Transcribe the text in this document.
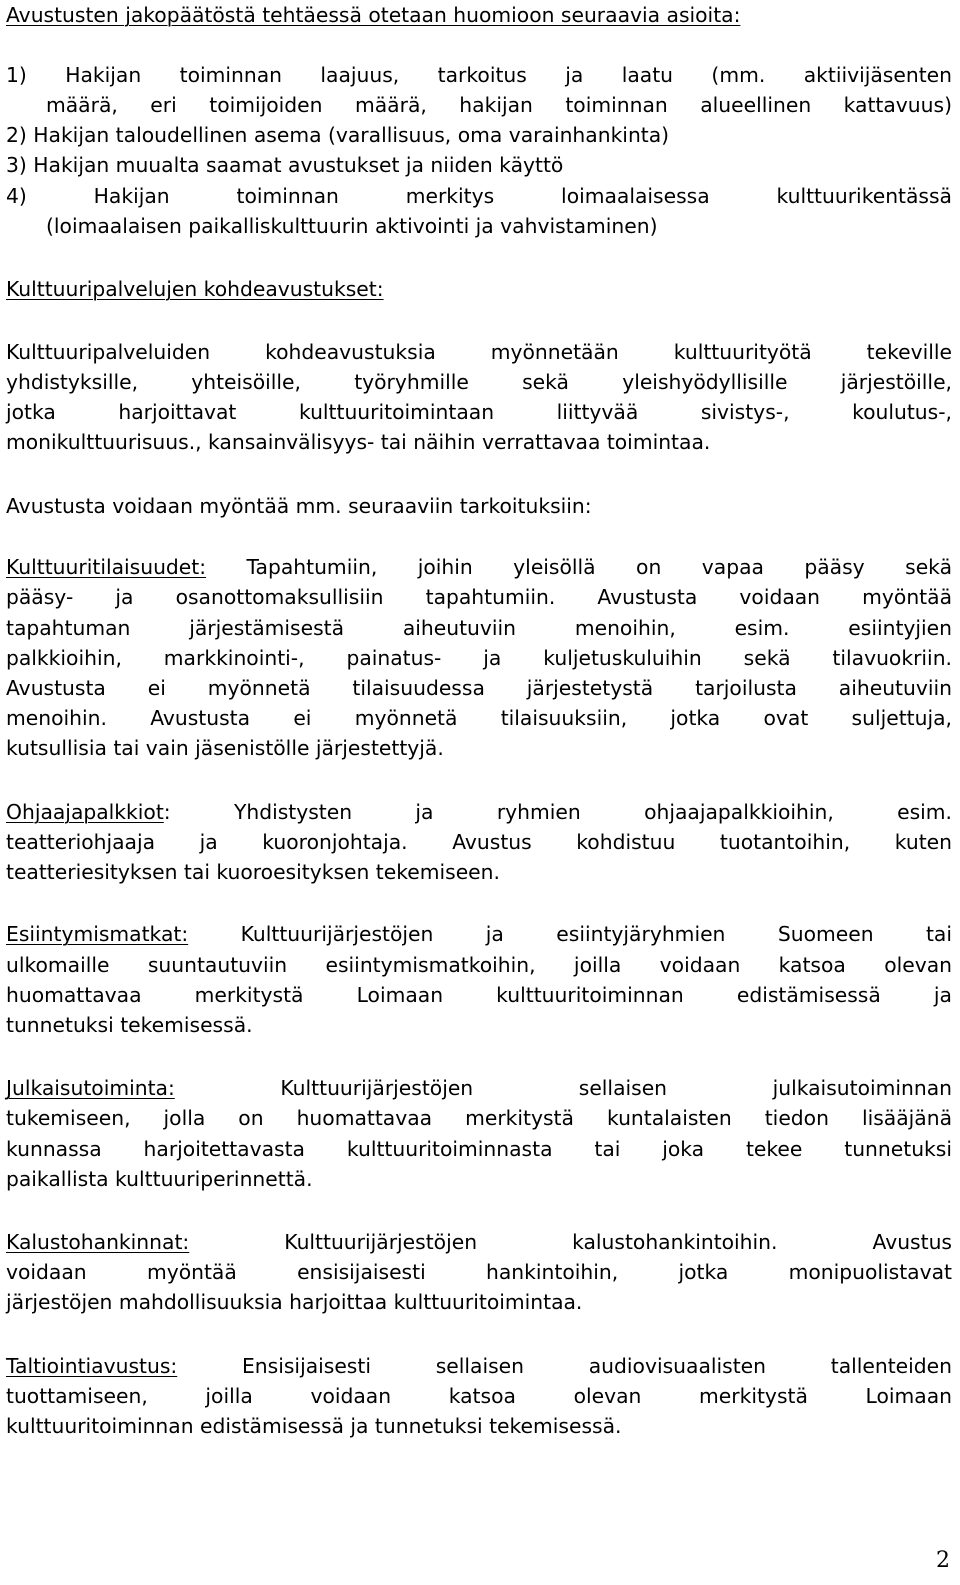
Avustusten jakopäätöstä tehtäessä otetaan huomioon seuraavia asioita:
1) Hakijan toiminnan laajuus, tarkoitus ja laatu (mm. aktiivijäsenten
määrä, eri toimijoiden määrä, hakijan toiminnan alueellinen kattavuus)
2) Hakijan taloudellinen asema (varallisuus, oma varainhankinta)
3) Hakijan muualta saamat avustukset ja niiden käyttö
4) Hakijan toiminnan merkitys loimaalaisessa kulttuurikentässä
(loimaalaisen paikalliskulttuurin aktivointi ja vahvistaminen)
Kulttuuripalvelujen kohdeavustukset:
Kulttuuripalveluiden kohdeavustuksia myönnetään kulttuurityötä tekeville
yhdistyksille, yhteisöille, työryhmille sekä yleishyödyllisille järjestöille,
jotka harjoittavat kulttuuritoimintaan liittyvää sivistys-, koulutus-,
monikulttuurisuus., kansainvälisyys- tai näihin verrattavaa toimintaa.
Avustusta voidaan myöntää mm. seuraaviin tarkoituksiin:
Kulttuuritilaisuudet: Tapahtumiin, joihin yleisöllä on vapaa pääsy sekä
pääsy- ja osanottomaksullisiin tapahtumiin. Avustusta voidaan myöntää
tapahtuman järjestämisestä aiheutuviin menoihin, esim. esiintyjien
palkkioihin, markkinointi-, painatus- ja kuljetuskuluihin sekä tilavuokriin.
Avustusta ei myönnetä tilaisuudessa järjestetystä tarjoilusta aiheutuviin
menoihin. Avustusta ei myönnetä tilaisuuksiin, jotka ovat suljettuja,
kutsullisia tai vain jäsenistölle järjestettyjä.
Ohjaajapalkkiot: Yhdistysten ja ryhmien ohjaajapalkkioihin, esim.
teatteriohjaaja ja kuoronjohtaja. Avustus kohdistuu tuotantoihin, kuten
teatteriesityksen tai kuoroesityksen tekemiseen.
Esiintymismatkat: Kulttuurijärjestöjen ja esiintyjäryhmien Suomeen tai
ulkomaille suuntautuviin esiintymismatkoihin, joilla voidaan katsoa olevan
huomattavaa merkitystä Loimaan kulttuuritoiminnan edistämisessä ja
tunnetuksi tekemisessä.
Julkaisutoiminta: Kulttuurijärjestöjen sellaisen julkaisutoiminnan
tukemiseen, jolla on huomattavaa merkitystä kuntalaisten tiedon lisääjänä
kunnassa harjoitettavasta kulttuuritoiminnasta tai joka tekee tunnetuksi
paikallista kulttuuriperinnettä.
Kalustohankinnat: Kulttuurijärjestöjen kalustohankintoihin. Avustus
voidaan myöntää ensisijaisesti hankintoihin, jotka monipuolistavat
järjestöjen mahdollisuuksia harjoittaa kulttuuritoimintaa.
Taltiointiavustus: Ensisijaisesti sellaisen audiovisuaalisten tallenteiden
tuottamiseen, joilla voidaan katsoa olevan merkitystä Loimaan
kulttuuritoiminnan edistämisessä ja tunnetuksi tekemisessä.
2
